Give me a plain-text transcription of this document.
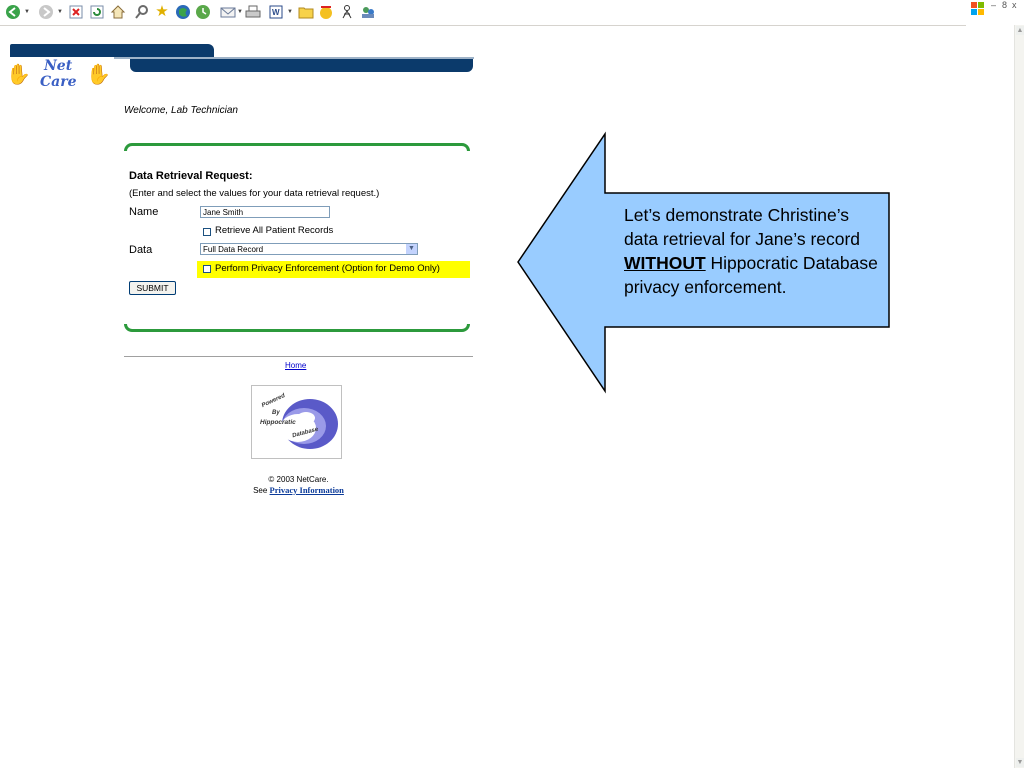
▼	▼	★	▼	W ▼
– 8 x
▲
▼
✋ Net
Care ✋
Welcome, Lab Technician
Data Retrieval Request:
(Enter and select the values for your data retrieval request.)
Name	Jane Smith
Retrieve All Patient Records
Data	Full Data Record	▼
Perform Privacy Enforcement (Option for Demo Only)
SUBMIT
Home
Powered
By
Hippocratic
Database
© 2003 NetCare.
See Privacy Information
Let’s demonstrate Christine’s data retrieval for Jane’s record WITHOUT Hippocratic Database privacy enforcement.
